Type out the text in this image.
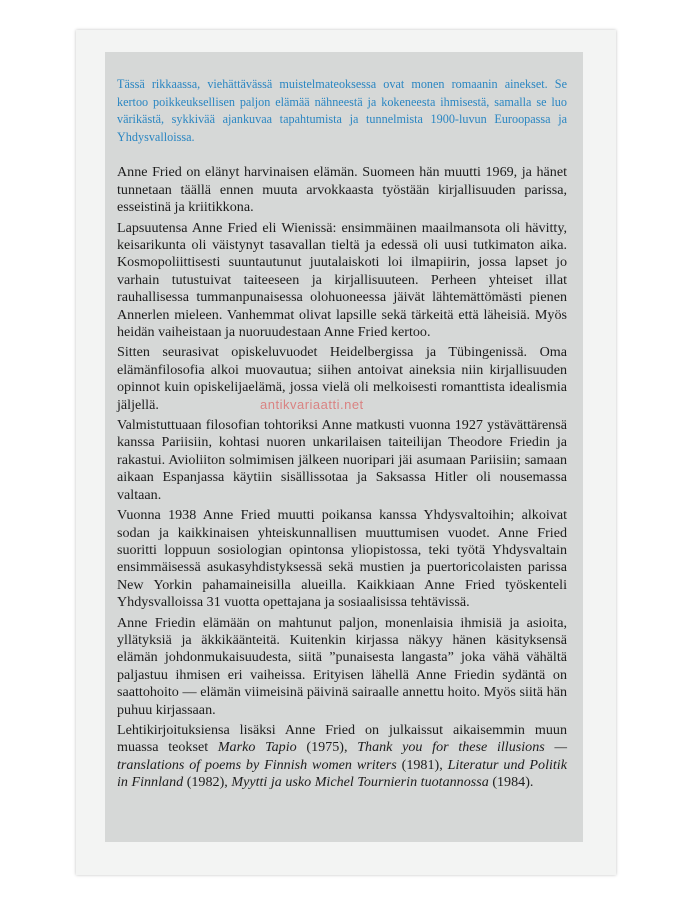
Tässä rikkaassa, viehättävässä muistelmateoksessa ovat monen romaanin ainekset. Se kertoo poikkeuksellisen paljon elämää nähneestä ja kokeneesta ihmisestä, samalla se luo värikästä, sykkivää ajankuvaa tapahtumista ja tunnelmista 1900-luvun Euroopassa ja Yhdysvalloissa.

Anne Fried on elänyt harvinaisen elämän. Suomeen hän muutti 1969, ja hänet tunnetaan täällä ennen muuta arvokkaasta työstään kirjallisuuden parissa, esseistinä ja kriitikkona.

Lapsuutensa Anne Fried eli Wienissä: ensimmäinen maailmansota oli hävitty, keisarikunta oli väistynyt tasavallan tieltä ja edessä oli uusi tutkimaton aika. Kosmopoliittisesti suuntautunut juutalaiskoti loi ilmapiirin, jossa lapset jo varhain tutustuivat taiteeseen ja kirjallisuuteen. Perheen yhteiset illat rauhallisessa tummanpunaisessa olohuoneessa jäivät lähtemättömästi pienen Annerlen mieleen. Vanhemmat olivat lapsille sekä tärkeitä että läheisiä. Myös heidän vaiheistaan ja nuoruudestaan Anne Fried kertoo.

Sitten seurasivat opiskeluvuodet Heidelbergissa ja Tübingenissä. Oma elämänfilosofia alkoi muovautua; siihen antoivat aineksia niin kirjallisuuden opinnot kuin opiskelijaelämä, jossa vielä oli melkoisesti romanttista idealismia jäljellä.

Valmistuttuaan filosofian tohtoriksi Anne matkusti vuonna 1927 ystävättärensä kanssa Pariisiin, kohtasi nuoren unkarilaisen taiteilijan Theodore Friedin ja rakastui. Avioliiton solmimisen jälkeen nuoripari jäi asumaan Pariisiin; samaan aikaan Espanjassa käytiin sisällissotaa ja Saksassa Hitler oli nousemassa valtaan.

Vuonna 1938 Anne Fried muutti poikansa kanssa Yhdysvaltoihin; alkoivat sodan ja kaikkinaisen yhteiskunnallisen muuttumisen vuodet. Anne Fried suoritti loppuun sosiologian opintonsa yliopistossa, teki työtä Yhdysvaltain ensimmäisessä asukasyhdistyksessä sekä mustien ja puertoricolaisten parissa New Yorkin pahamaineisilla alueilla. Kaikkiaan Anne Fried työskenteli Yhdysvalloissa 31 vuotta opettajana ja sosiaalisissa tehtävissä.

Anne Friedin elämään on mahtunut paljon, monenlaisia ihmisiä ja asioita, yllätyksiä ja äkkikäänteitä. Kuitenkin kirjassa näkyy hänen käsityksensä elämän johdonmukaisuudesta, siitä ”punaisesta langasta” joka vähä vähältä paljastuu ihmisen eri vaiheissa. Erityisen lähellä Anne Friedin sydäntä on saattohoito — elämän viimeisinä päivinä sairaalle annettu hoito. Myös siitä hän puhuu kirjassaan.

Lehtikirjoituksiensa lisäksi Anne Fried on julkaissut aikaisemmin muun muassa teokset Marko Tapio (1975), Thank you for these illusions — translations of poems by Finnish women writers (1981), Literatur und Politik in Finnland (1982), Myytti ja usko Michel Tournierin tuotannossa (1984).

antikvariaatti.net
